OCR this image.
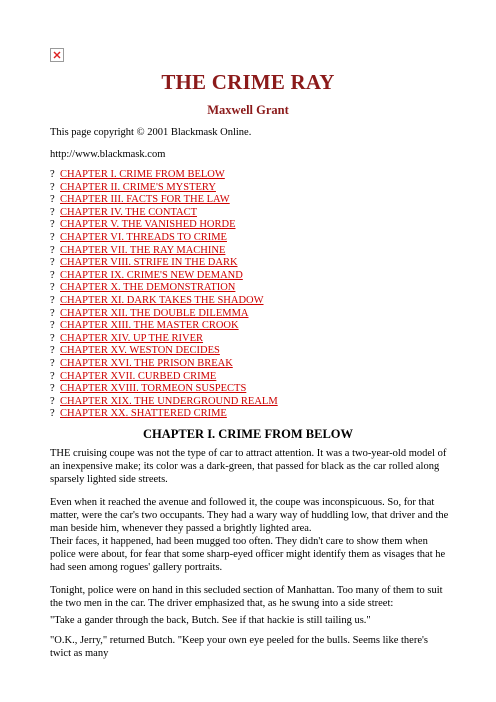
THE CRIME RAY
Maxwell Grant
This page copyright © 2001 Blackmask Online.
http://www.blackmask.com
? CHAPTER I. CRIME FROM BELOW
? CHAPTER II. CRIME'S MYSTERY
? CHAPTER III. FACTS FOR THE LAW
? CHAPTER IV. THE CONTACT
? CHAPTER V. THE VANISHED HORDE
? CHAPTER VI. THREADS TO CRIME
? CHAPTER VII. THE RAY MACHINE
? CHAPTER VIII. STRIFE IN THE DARK
? CHAPTER IX. CRIME'S NEW DEMAND
? CHAPTER X. THE DEMONSTRATION
? CHAPTER XI. DARK TAKES THE SHADOW
? CHAPTER XII. THE DOUBLE DILEMMA
? CHAPTER XIII. THE MASTER CROOK
? CHAPTER XIV. UP THE RIVER
? CHAPTER XV. WESTON DECIDES
? CHAPTER XVI. THE PRISON BREAK
? CHAPTER XVII. CURBED CRIME
? CHAPTER XVIII. TORMEON SUSPECTS
? CHAPTER XIX. THE UNDERGROUND REALM
? CHAPTER XX. SHATTERED CRIME
CHAPTER I. CRIME FROM BELOW

THE cruising coupe was not the type of car to attract attention. It was a two-year-old model of an inexpensive make; its color was a dark-green, that passed for black as the car rolled along sparsely lighted side streets.

Even when it reached the avenue and followed it, the coupe was inconspicuous. So, for that matter, were the car's two occupants. They had a wary way of huddling low, that driver and the man beside him, whenever they passed a brightly lighted area.

Their faces, it happened, had been mugged too often. They didn't care to show them when police were about, for fear that some sharp-eyed officer might identify them as visages that he had seen among rogues' gallery portraits.

Tonight, police were on hand in this secluded section of Manhattan. Too many of them to suit the two men in the car. The driver emphasized that, as he swung into a side street:

"Take a gander through the back, Butch. See if that hackie is still tailing us."

"O.K., Jerry," returned Butch. "Keep your own eye peeled for the bulls. Seems like there's twict as many
